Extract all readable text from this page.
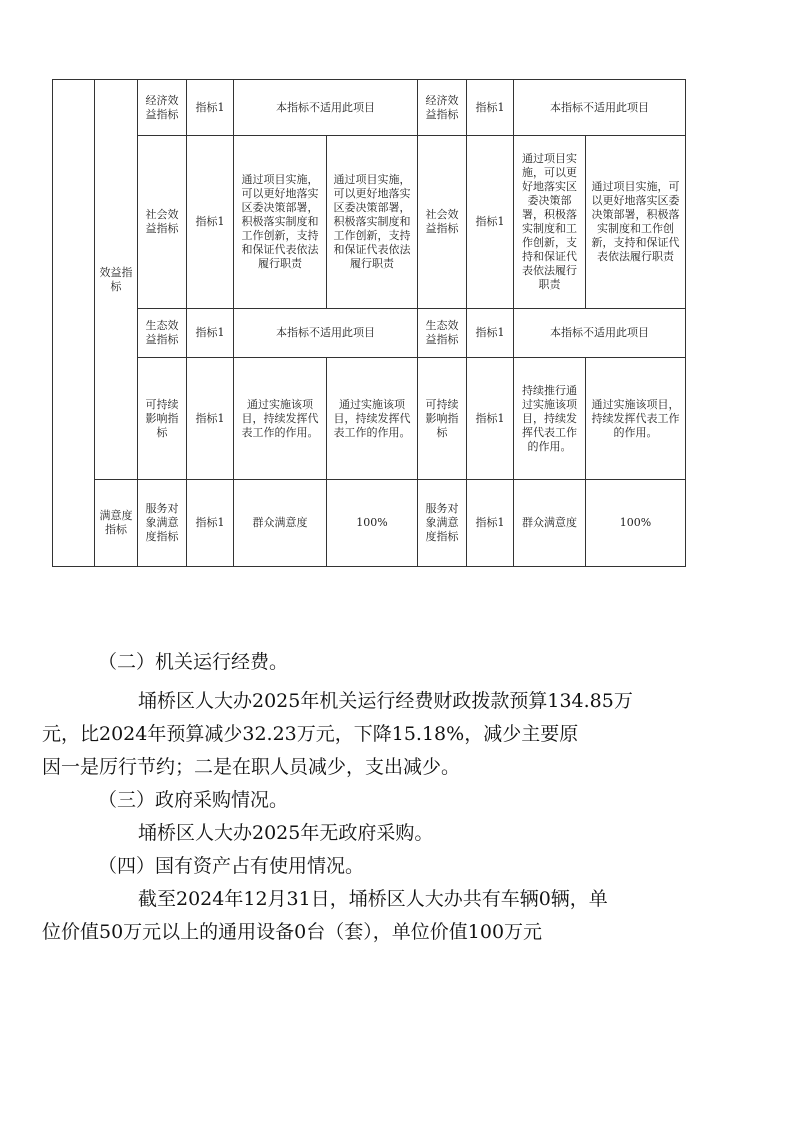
	效益指标	经济效益指标	指标1	本指标不适用此项目		经济效益指标	指标1	本指标不适用此项目	
		社会效益指标	指标1	通过项目实施，可以更好地落实区委决策部署，积极落实制度和工作创新，支持和保证代表依法履行职责	通过项目实施，可以更好地落实区委决策部署，积极落实制度和工作创新，支持和保证代表依法履行职责	社会效益指标	指标1	通过项目实施，可以更好地落实区委决策部署，积极落实制度和工作创新，支持和保证代表依法履行职责	通过项目实施，可以更好地落实区委决策部署，积极落实制度和工作创新，支持和保证代表依法履行职责
		生态效益指标	指标1	本指标不适用此项目		生态效益指标	指标1	本指标不适用此项目	
		可持续影响指标	指标1	通过实施该项目，持续发挥代表工作的作用。	通过实施该项目，持续发挥代表工作的作用。	可持续影响指标	指标1	持续推行通过实施该项目，持续发挥代表工作的作用。	通过实施该项目，持续发挥代表工作的作用。
	满意度指标	服务对象满意度指标	指标1	群众满意度	100%	服务对象满意度指标	指标1	群众满意度	100%

（二）机关运行经费。

埇桥区人大办2025年机关运行经费财政拨款预算134.85万

元，比2024年预算减少32.23万元，下降15.18%，减少主要原

因一是厉行节约；二是在职人员减少，支出减少。

（三）政府采购情况。

埇桥区人大办2025年无政府采购。

（四）国有资产占有使用情况。

截至2024年12月31日，埇桥区人大办共有车辆0辆，单

位价值50万元以上的通用设备0台（套），单位价值100万元
